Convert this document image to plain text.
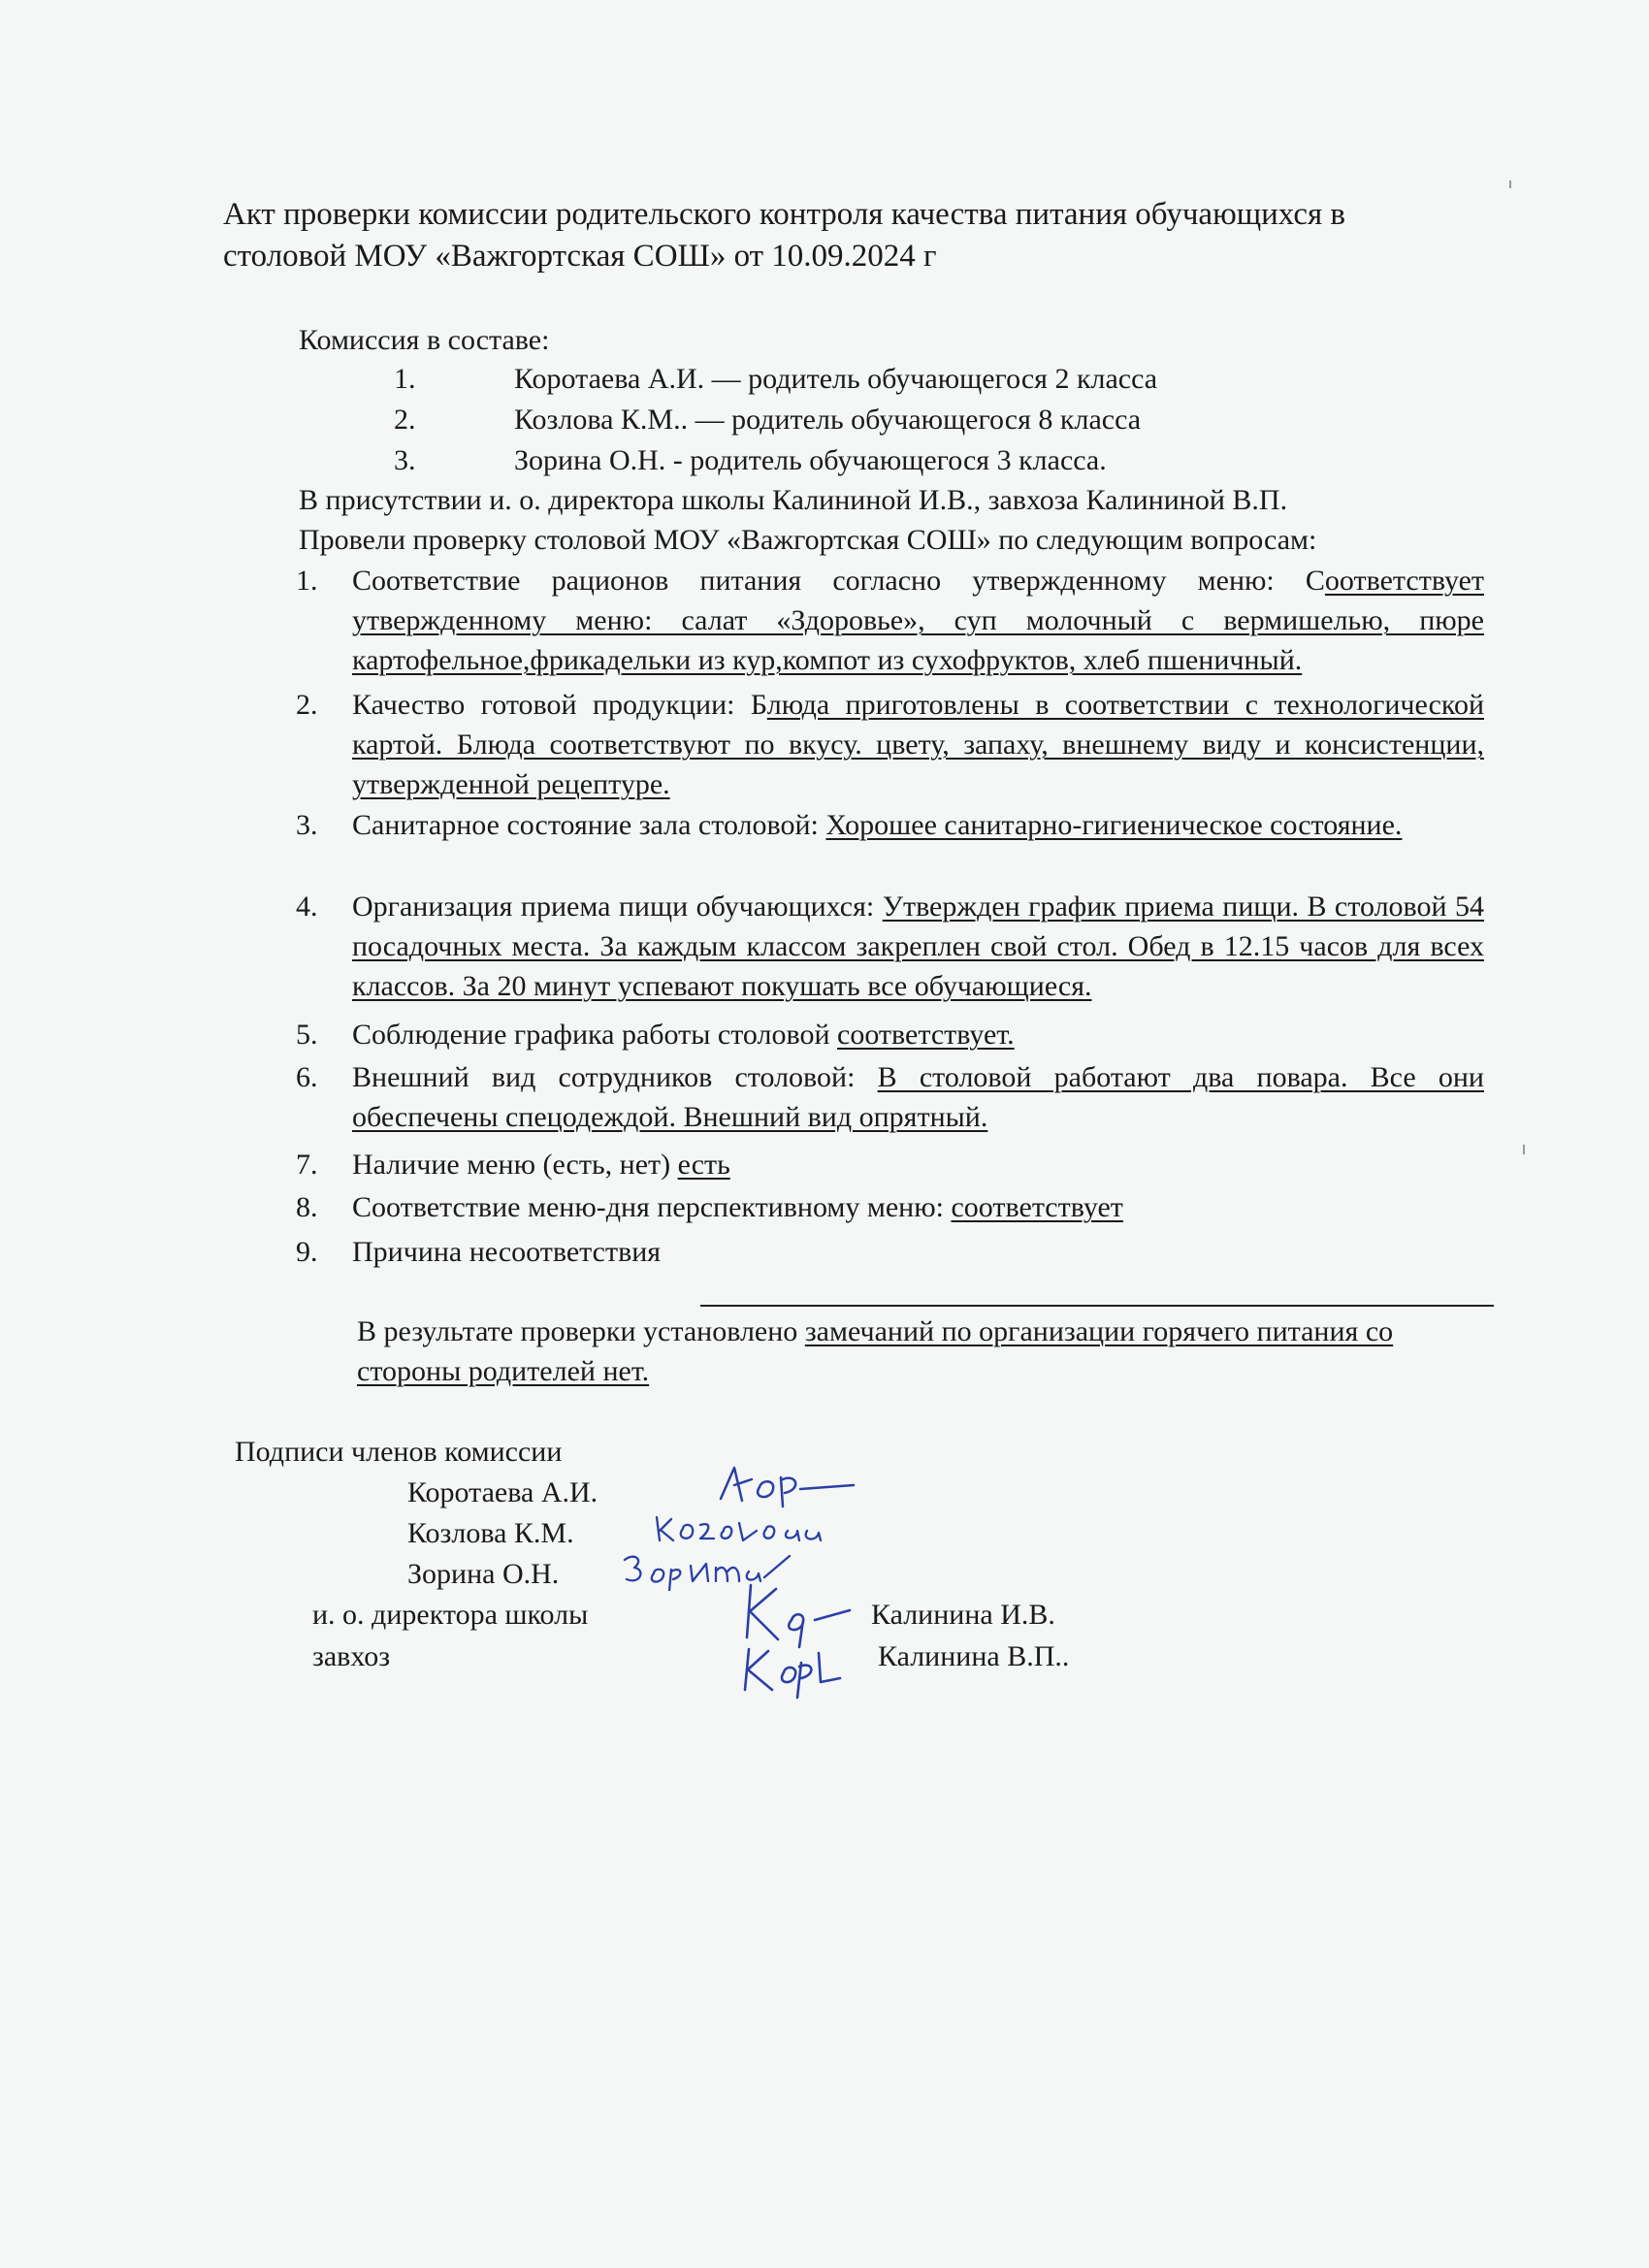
Акт проверки комиссии родительского контроля качества питания обучающихся в
столовой МОУ «Важгортская СОШ» от 10.09.2024 г
Комиссия в составе:
1.	Коротаева А.И. — родитель обучающегося 2 класса
2.	Козлова К.М.. — родитель обучающегося 8 класса
3.	Зорина О.Н. - родитель обучающегося 3 класса.
В присутствии и. о. директора школы Калининой И.В., завхоза Калининой В.П.
Провели проверку столовой МОУ «Важгортская СОШ» по следующим вопросам:
1. Соответствие рационов питания согласно утвержденному меню: Соответствует утвержденному меню: салат «Здоровье», суп молочный с вермишелью, пюре картофельное,фрикадельки из кур,компот из сухофруктов, хлеб пшеничный.
2. Качество готовой продукции: Блюда приготовлены в соответствии с технологической картой. Блюда соответствуют по вкусу. цвету, запаху, внешнему виду и консистенции, утвержденной рецептуре.
3. Санитарное состояние зала столовой: Хорошее санитарно-гигиеническое состояние.
4. Организация приема пищи обучающихся: Утвержден график приема пищи. В столовой 54 посадочных места. За каждым классом закреплен свой стол. Обед в 12.15 часов для всех классов. За 20 минут успевают покушать все обучающиеся.
5. Соблюдение графика работы столовой соответствует.
6. Внешний вид сотрудников столовой: В столовой работают два повара. Все они обеспечены спецодеждой. Внешний вид опрятный.
7. Наличие меню (есть, нет) есть
8. Соответствие меню-дня перспективному меню: соответствует
9. Причина несоответствия
В результате проверки установлено замечаний по организации горячего питания со стороны родителей нет.
Подписи членов комиссии
Коротаева А.И.
Козлова К.М.
Зорина О.Н.
и. о. директора школы	Калинина И.В.
завхоз	Калинина В.П..
